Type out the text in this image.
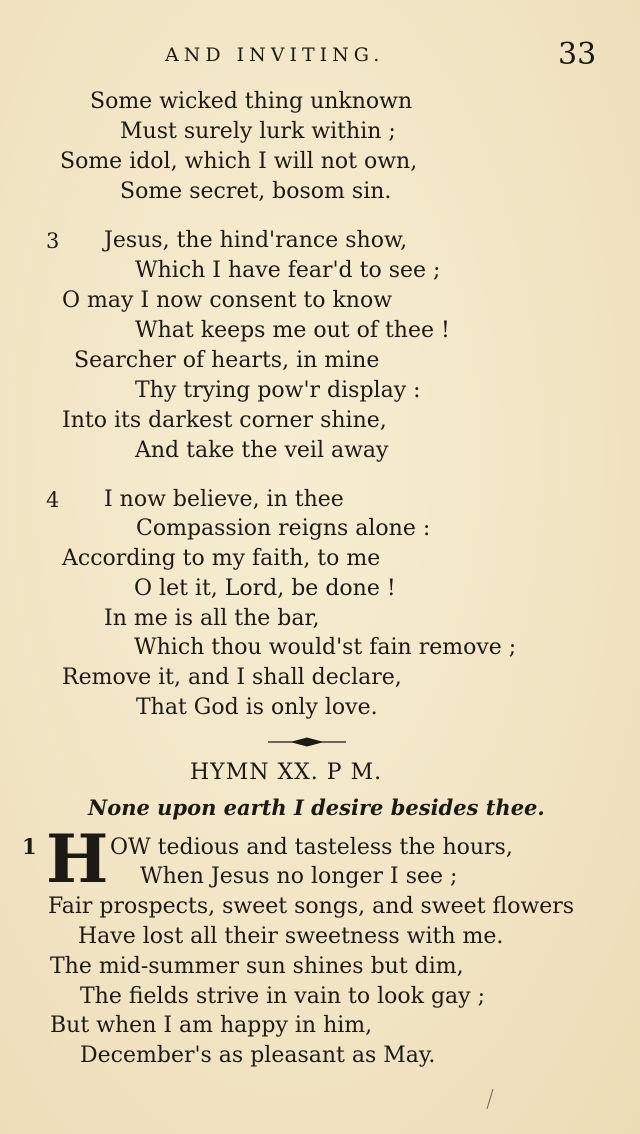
AND INVITING.	33
Some wicked thing unknown
Must surely lurk within ;
Some idol, which I will not own,
Some secret, bosom sin.
3 Jesus, the hind'rance show,
Which I have fear'd to see ;
O may I now consent to know
What keeps me out of thee !
Searcher of hearts, in mine
Thy trying pow'r display :
Into its darkest corner shine,
And take the veil away
4 I now believe, in thee
Compassion reigns alone :
According to my faith, to me
O let it, Lord, be done !
In me is all the bar,
Which thou would'st fain remove ;
Remove it, and I shall declare,
That God is only love.
HYMN XX. P M.
None upon earth I desire besides thee.
1 H OW tedious and tasteless the hours,
When Jesus no longer I see ;
Fair prospects, sweet songs, and sweet flowers
Have lost all their sweetness with me.
The mid-summer sun shines but dim,
The fields strive in vain to look gay ;
But when I am happy in him,
December's as pleasant as May.
